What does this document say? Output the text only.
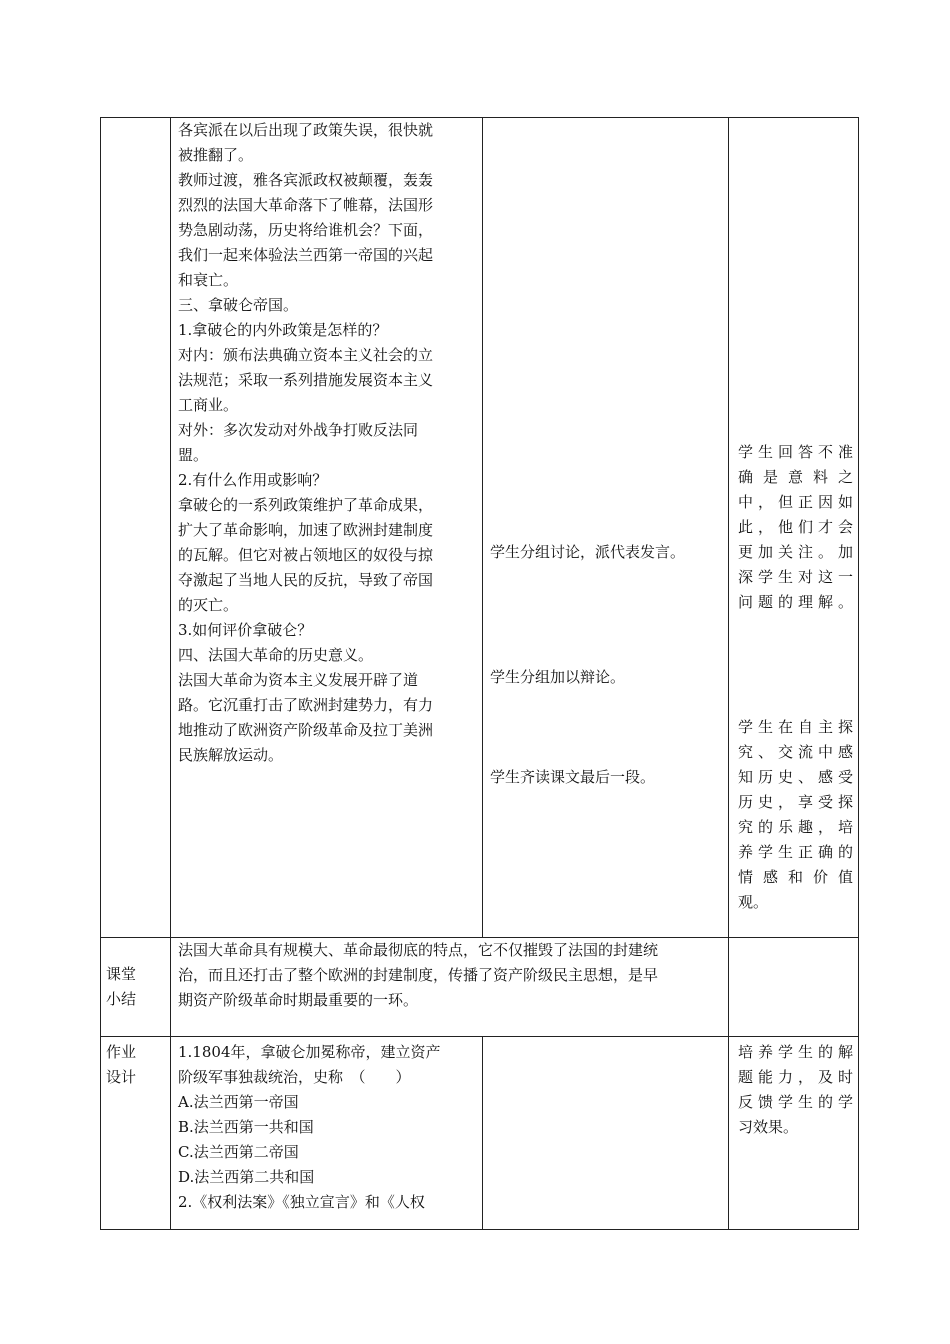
各宾派在以后出现了政策失误，很快就

被推翻了。

教师过渡，雅各宾派政权被颠覆，轰轰

烈烈的法国大革命落下了帷幕，法国形

势急剧动荡，历史将给谁机会？下面，

我们一起来体验法兰西第一帝国的兴起

和衰亡。

三、拿破仑帝国。

1.拿破仑的内外政策是怎样的？

对内：颁布法典确立资本主义社会的立

法规范；采取一系列措施发展资本主义

工商业。

对外：多次发动对外战争打败反法同

盟。

2.有什么作用或影响？

拿破仑的一系列政策维护了革命成果，

扩大了革命影响，加速了欧洲封建制度

的瓦解。但它对被占领地区的奴役与掠

夺激起了当地人民的反抗，导致了帝国

的灭亡。

3.如何评价拿破仑？

四、法国大革命的历史意义。

法国大革命为资本主义发展开辟了道

路。它沉重打击了欧洲封建势力，有力

地推动了欧洲资产阶级革命及拉丁美洲

民族解放运动。

学生分组讨论，派代表发言。
学生分组加以辩论。
学生齐读课文最后一段。

学生回答不准

确是意料之

中，但正因如

此，他们才会

更加关注。加

深学生对这一

问题的理解。

学生在自主探

究、交流中感

知历史、感受

历史，享受探

究的乐趣，培

养学生正确的

情感和价值

观。

课堂

小结

法国大革命具有规模大、革命最彻底的特点，它不仅摧毁了法国的封建统

治，而且还打击了整个欧洲的封建制度，传播了资产阶级民主思想，是早

期资产阶级革命时期最重要的一环。

作业

设计

1.1804年，拿破仑加冕称帝，建立资产

阶级军事独裁统治，史称　（　　）

A.法兰西第一帝国

B.法兰西第一共和国

C.法兰西第二帝国

D.法兰西第二共和国

2.《权利法案》《独立宣言》和《人权

培养学生的解

题能力，及时

反馈学生的学

习效果。
